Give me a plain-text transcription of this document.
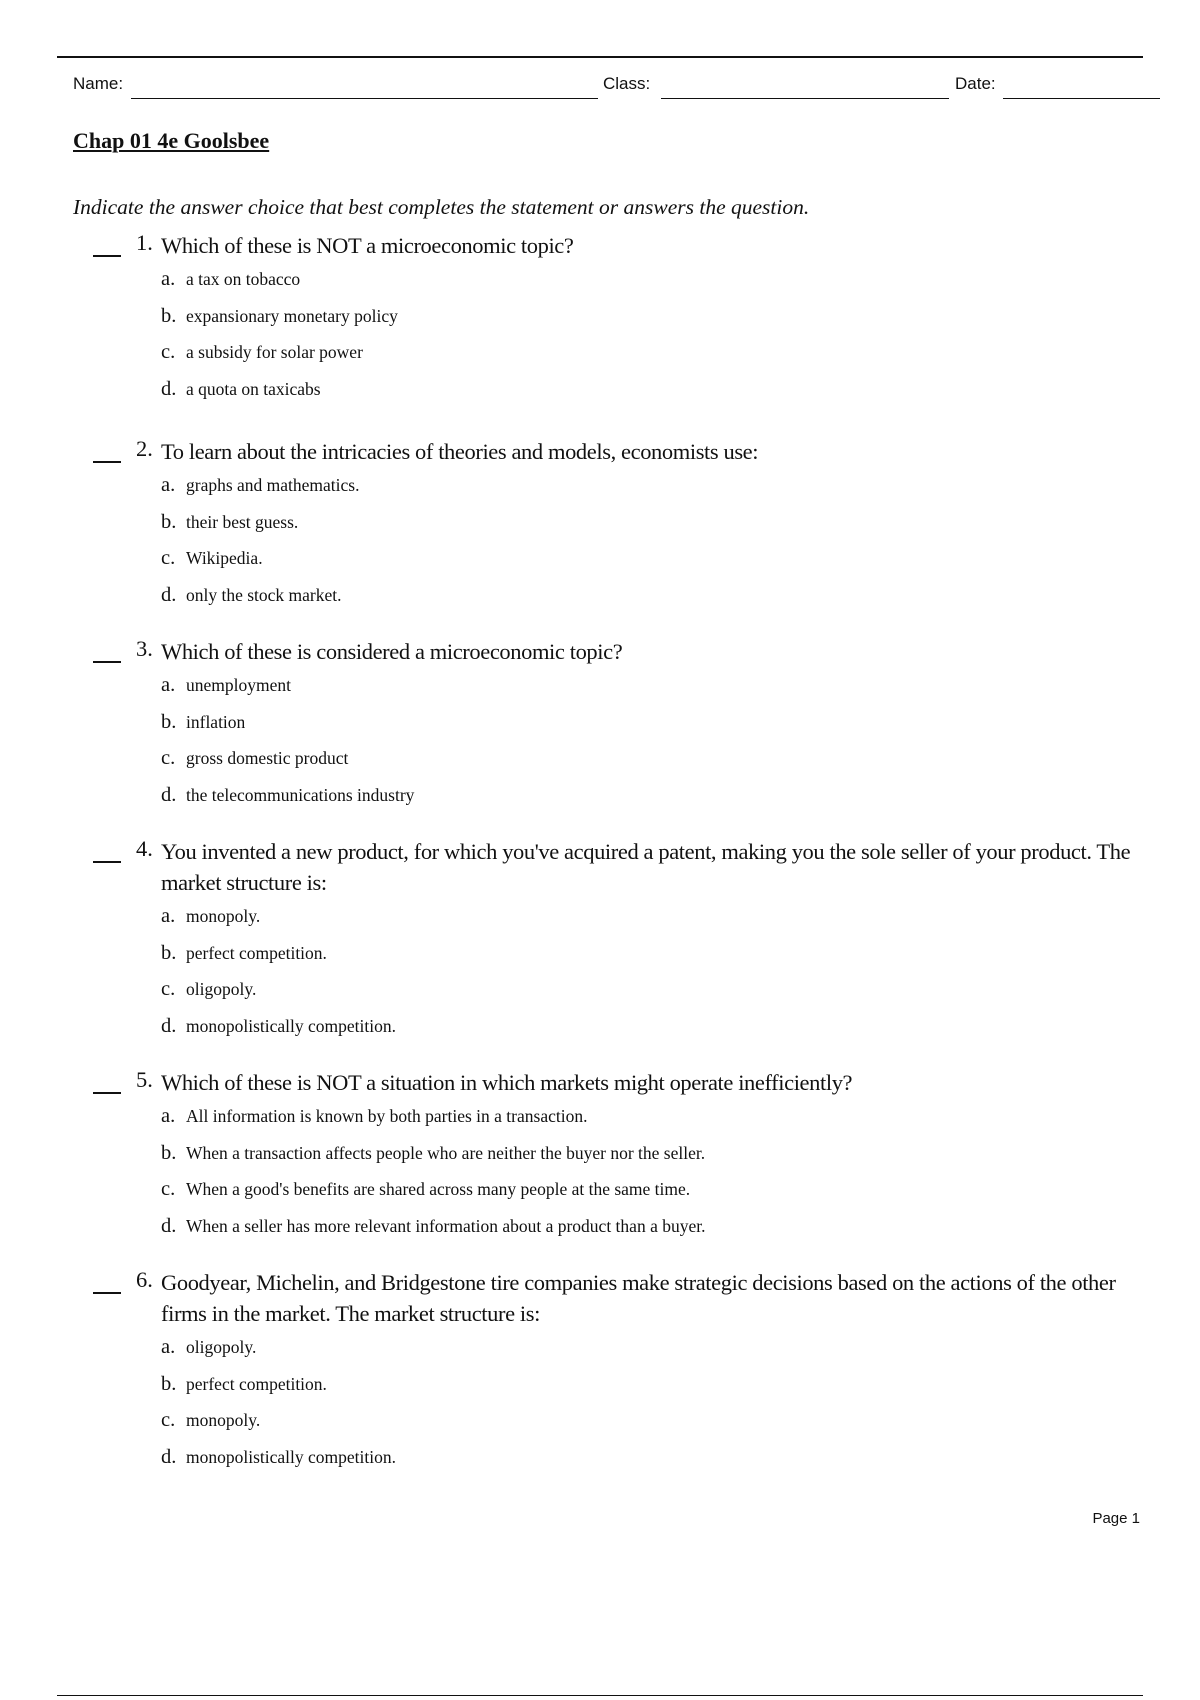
Name:	Class:	Date:
Chap 01 4e Goolsbee
Indicate the answer choice that best completes the statement or answers the question.
1. Which of these is NOT a microeconomic topic?
a. a tax on tobacco
b. expansionary monetary policy
c. a subsidy for solar power
d. a quota on taxicabs
2. To learn about the intricacies of theories and models, economists use:
a. graphs and mathematics.
b. their best guess.
c. Wikipedia.
d. only the stock market.
3. Which of these is considered a microeconomic topic?
a. unemployment
b. inflation
c. gross domestic product
d. the telecommunications industry
4. You invented a new product, for which you've acquired a patent, making you the sole seller of your product. The market structure is:
a. monopoly.
b. perfect competition.
c. oligopoly.
d. monopolistically competition.
5. Which of these is NOT a situation in which markets might operate inefficiently?
a. All information is known by both parties in a transaction.
b. When a transaction affects people who are neither the buyer nor the seller.
c. When a good's benefits are shared across many people at the same time.
d. When a seller has more relevant information about a product than a buyer.
6. Goodyear, Michelin, and Bridgestone tire companies make strategic decisions based on the actions of the other firms in the market. The market structure is:
a. oligopoly.
b. perfect competition.
c. monopoly.
d. monopolistically competition.
Page 1
